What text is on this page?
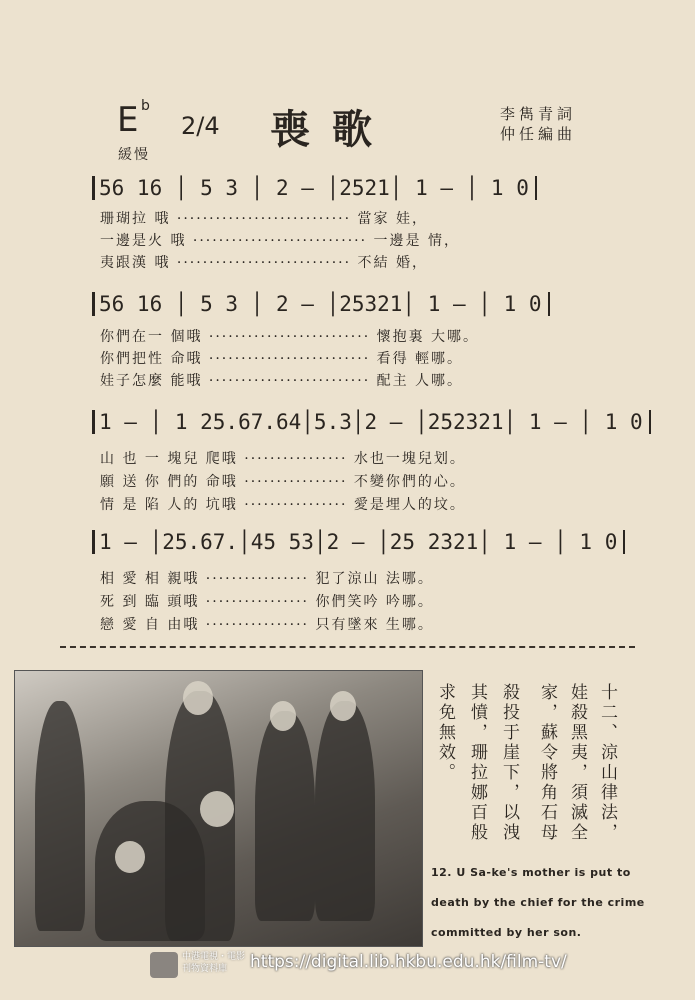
E b
2/4
緩慢
喪歌	李雋青詞
仲任編曲
56 16 │ 5 3 │ 2 — │2521│ 1 — │ 1 0
珊瑚拉 哦 ··························· 當家 娃，
一邊是火 哦 ··························· 一邊是 情，
夷跟漢 哦 ··························· 不結 婚，
56 16 │ 5 3 │ 2 — │25321│ 1 — │ 1 0
你們在一 個哦 ························· 懷抱裏 大哪。
你們把性 命哦 ························· 看得 輕哪。
娃子怎麼 能哦 ························· 配主 人哪。
1 — │ 1 25.67.64│5.3│2 — │252321│ 1 — │ 1 0
山 也 一 塊兒 爬哦 ················ 水也一塊兒划。
願 送 你 們的 命哦 ················ 不變你們的心。
情 是 陷 人的 坑哦 ················ 愛是埋人的坟。
1 — │25.67.│45 53│2 — │25 2321│ 1 — │ 1 0
相 愛 相 親哦 ················ 犯了涼山 法哪。
死 到 臨 頭哦 ················ 你們笑吟 吟哪。
戀 愛 自 由哦 ················ 只有墜來 生哪。
十二、涼山律法，
娃殺黑夷，須滅全
家，蘇令將角石母
殺投于崖下，以洩
其憤，珊拉娜百般
求免無效。
12. U Sa-ke's mother is put to
death by the chief for the crime
committed by her son.
中港電視・電影
刊物資料庫	https://digital.lib.hkbu.edu.hk/film-tv/
